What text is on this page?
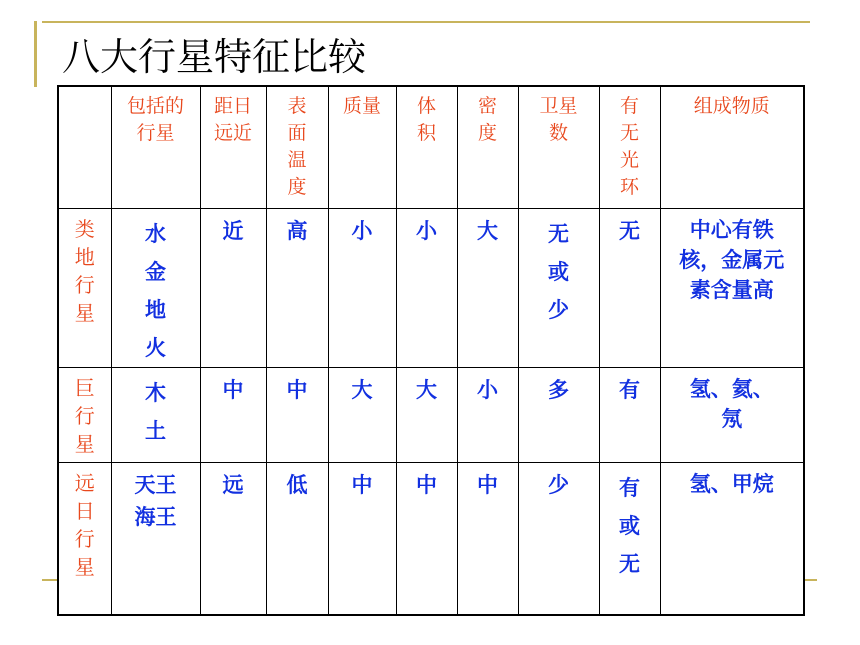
八大行星特征比较
	包括的行星	距日远近	表面温度	质量	体积	密度	卫星数	有无光环	组成物质
类地行星	水金地火	近	高	小	小	大	无或少	无	中心有铁核，金属元素含量高
巨行星	木土	中	中	大	大	小	多	有	氢、氦、氖
远日行星	天王海王	远	低	中	中	中	少	有或无	氢、甲烷
